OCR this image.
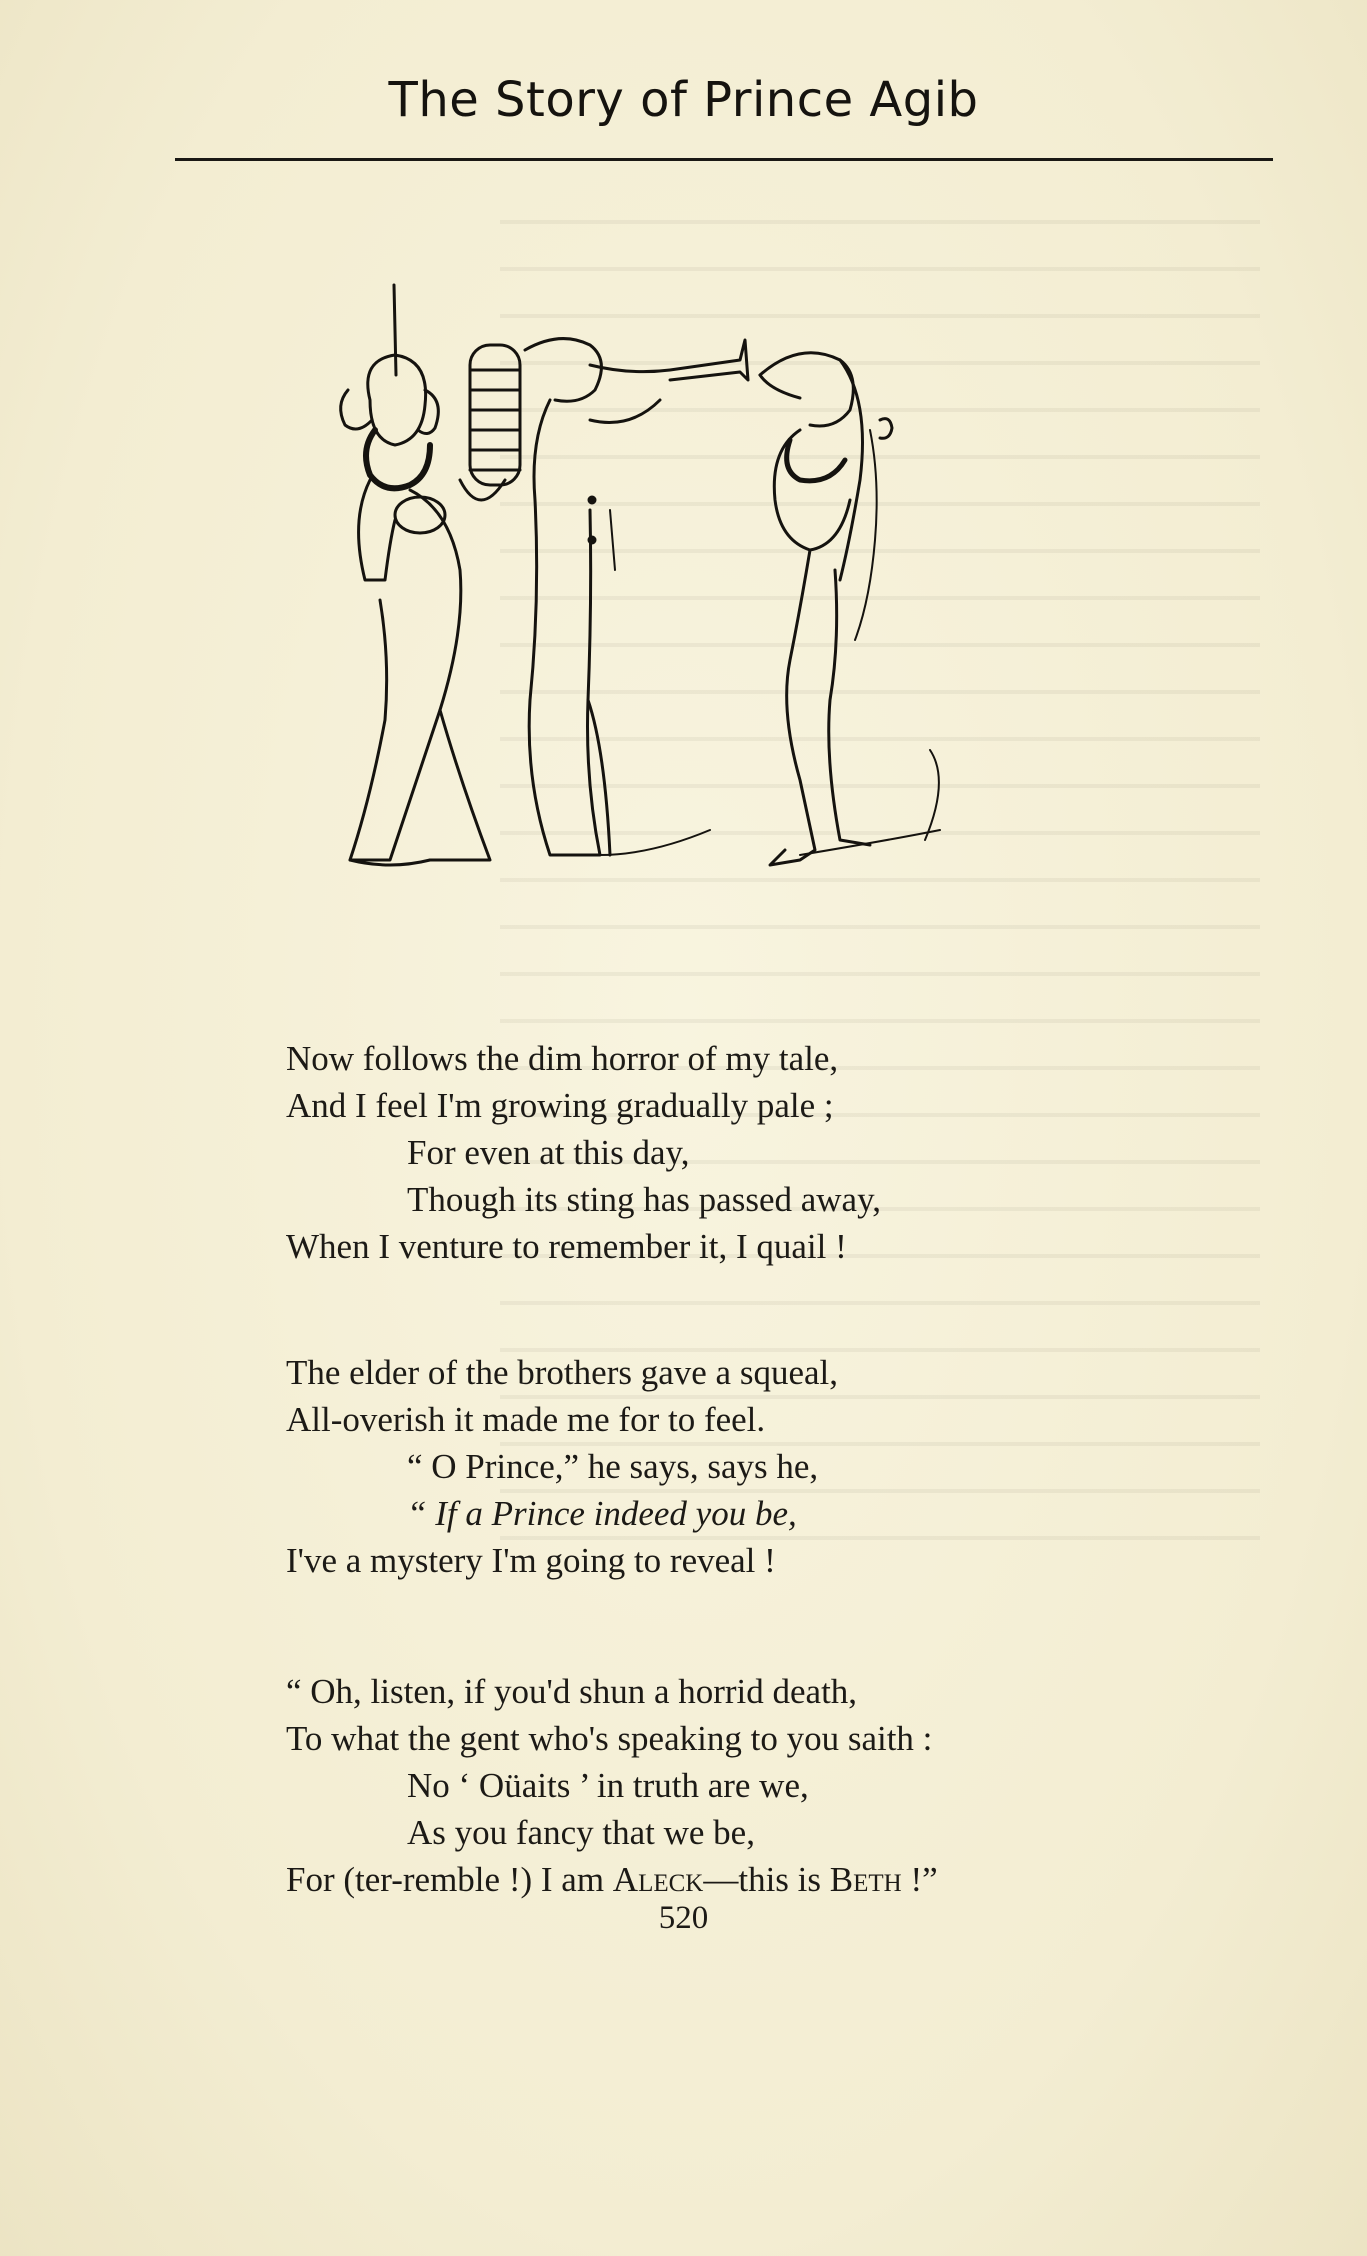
The Story of Prince Agib
Now follows the dim horror of my tale,
And I feel I'm growing gradually pale ;
For even at this day,
Though its sting has passed away,
When I venture to remember it, I quail !
The elder of the brothers gave a squeal,
All-overish it made me for to feel.
“ O Prince,” he says, says he,
“ If a Prince indeed you be,
I've a mystery I'm going to reveal !
“ Oh, listen, if you'd shun a horrid death,
To what the gent who's speaking to you saith :
No ‘ Oüaits ’ in truth are we,
As you fancy that we be,
For (ter-remble !) I am Aleck—this is Beth !”
520
